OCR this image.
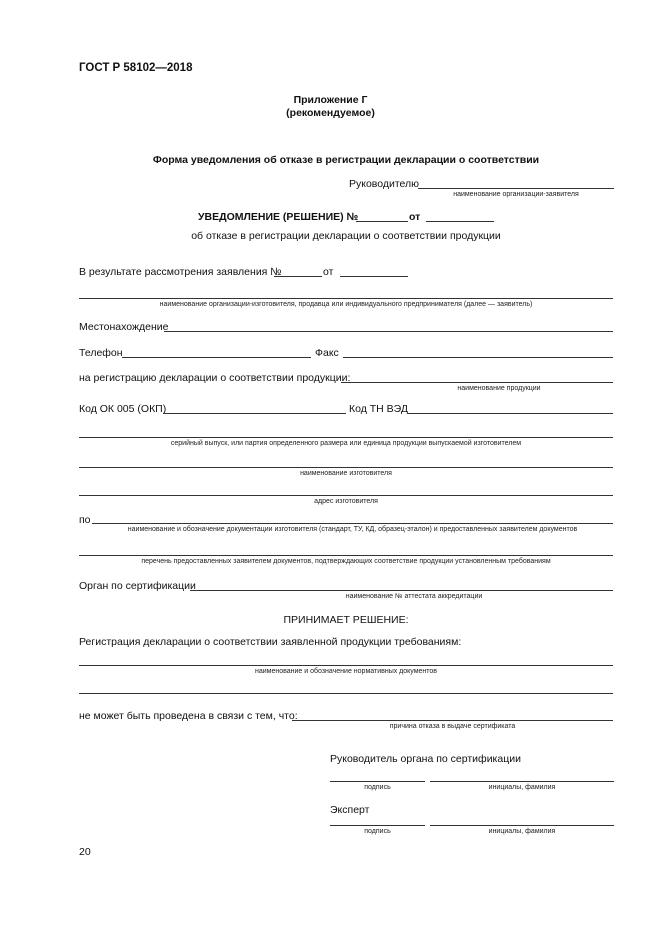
ГОСТ Р 58102—2018
Приложение Г
(рекомендуемое)
Форма уведомления об отказе в регистрации декларации о соответствии
Руководителю
наименование организации-заявителя
УВЕДОМЛЕНИЕ (РЕШЕНИЕ) №	от
об отказе в регистрации декларации о соответствии продукции
В результате рассмотрения заявления №	от
наименование организации-изготовителя, продавца или индивидуального предпринимателя (далее — заявитель)
Местонахождение
Телефон	Факс
на регистрацию декларации о соответствии продукции:
наименование продукции
Код ОК 005 (ОКП)	Код ТН ВЭД
серийный выпуск, или партия определенного размера или единица продукции выпускаемой изготовителем
наименование изготовителя
адрес изготовителя
по
наименование и обозначение документации изготовителя (стандарт, ТУ, КД, образец-эталон) и предоставленных заявителем документов
перечень предоставленных заявителем документов, подтверждающих соответствие продукции установленным требованиям
Орган по сертификации
наименование № аттестата аккредитации
ПРИНИМАЕТ РЕШЕНИЕ:
Регистрация декларации о соответствии заявленной продукции требованиям:
наименование и обозначение нормативных документов
не может быть проведена в связи с тем, что:
причина отказа в выдаче сертификата
Руководитель органа по сертификации
подпись	инициалы, фамилия
Эксперт
подпись	инициалы, фамилия
20
